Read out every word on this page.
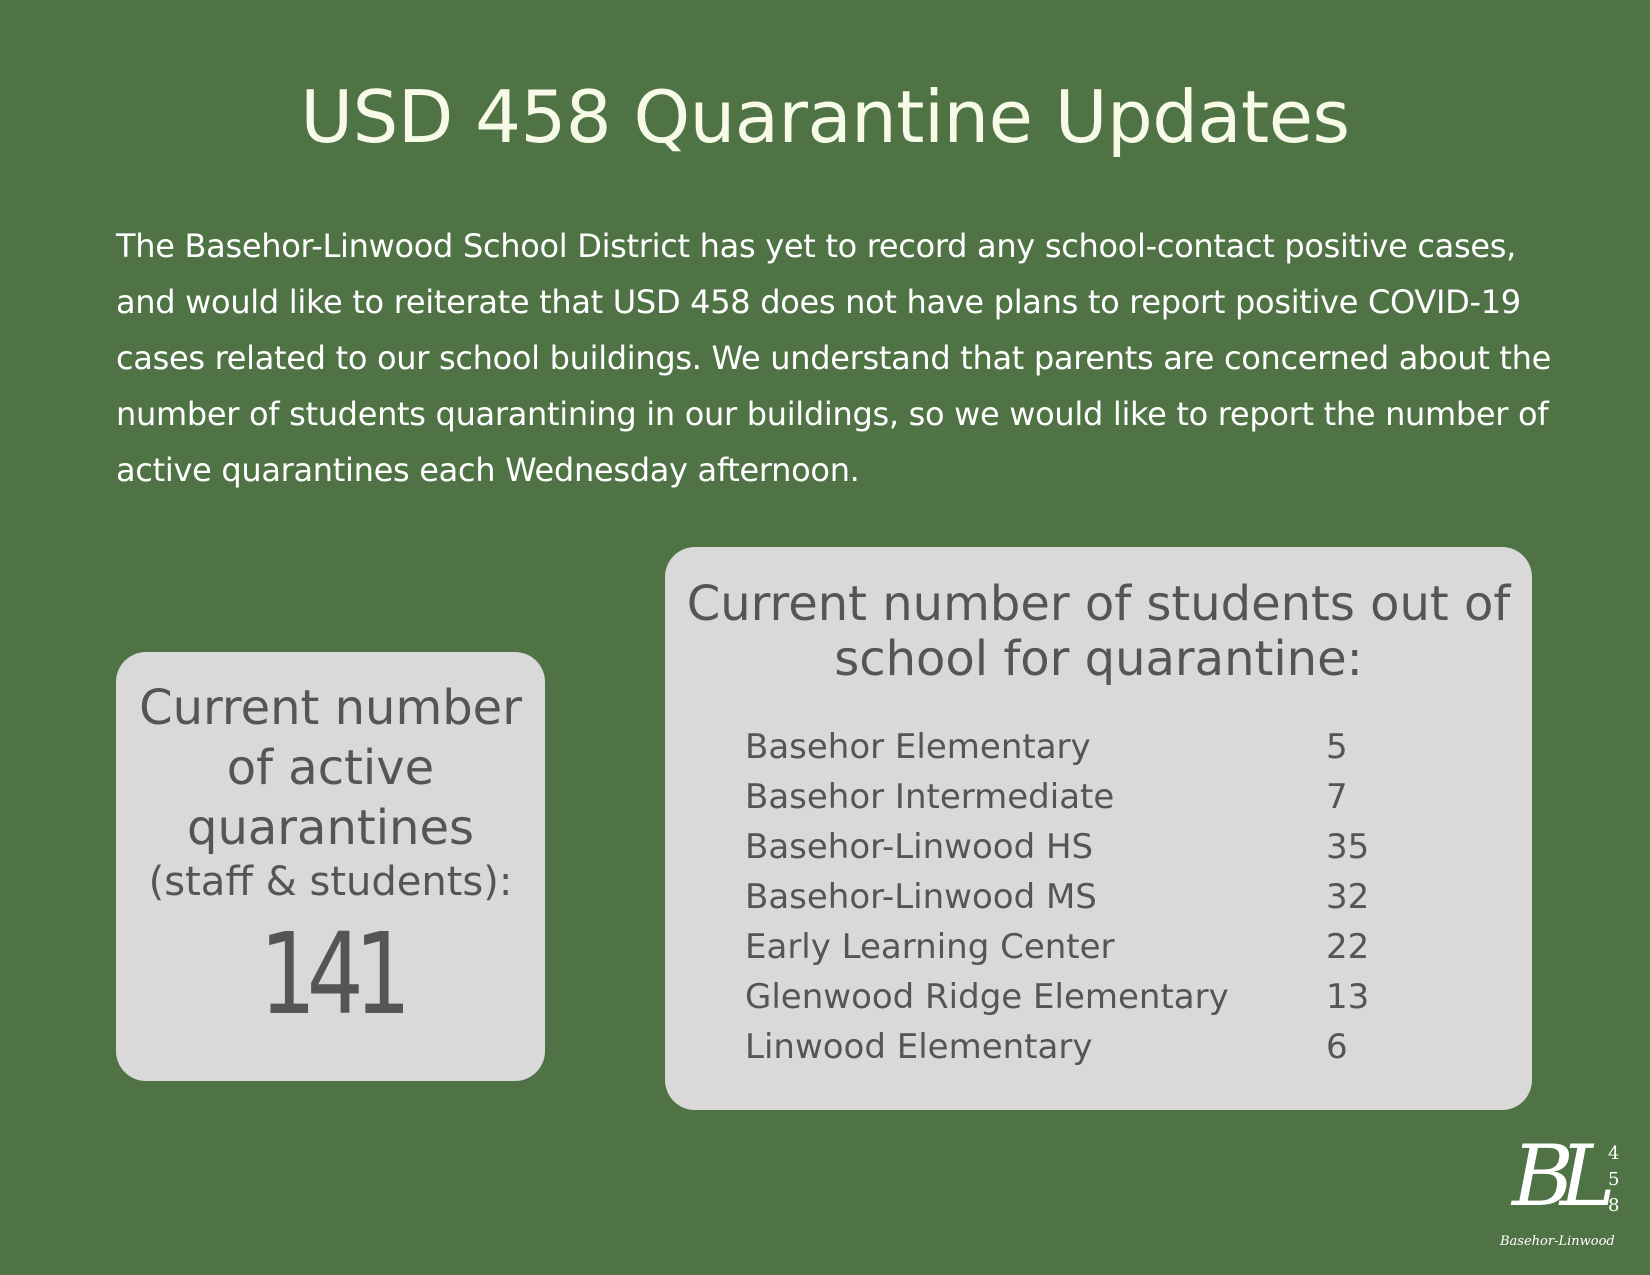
USD 458 Quarantine Updates
The Basehor-Linwood School District has yet to record any school-contact positive cases, and would like to reiterate that USD 458 does not have plans to report positive COVID-19 cases related to our school buildings. We understand that parents are concerned about the number of students quarantining in our buildings, so we would like to report the number of active quarantines each Wednesday afternoon.
Current number
of active
quarantines
(staff & students):
141
Current number of students out of school for quarantine:
Basehor Elementary	5
Basehor Intermediate	7
Basehor-Linwood HS	35
Basehor-Linwood MS	32
Early Learning Center	22
Glenwood Ridge Elementary	13
Linwood Elementary	6
BL 4
5
8
Basehor-Linwood
